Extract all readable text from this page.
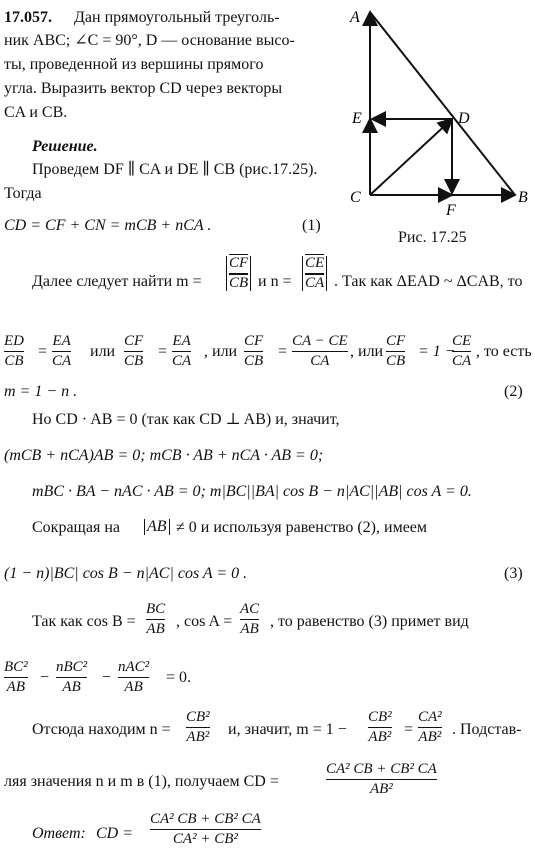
17.057. Дан прямоугольный треуголь-
ник ABC; ∠C = 90°, D — основание высо-
ты, проведенной из вершины прямого
угла. Выразить вектор CD через векторы
CA и CB.
Решение.
Проведем DF ∥ CA и DE ∥ CB (рис.17.25).
Тогда
CD = CF + CN = mCB + nCA .	(1)
A
E	D
C
F
B
Рис. 17.25
Далее следует найти $m = \frac{\overline{CF}}{CB}$ и $n = \frac{\overline{CE}}{CA}$ . Так как ΔEAD ~ ΔCAB, то
ED
CB
=
EA
CA
или
CF
CB
=
EA
CA
, или
CF
CB
=
CA − CE
CA
, или
CF
CB
= 1 −
CE
CA
, то есть
m = 1 − n .	(2)
Но CD · AB = 0 (так как CD ⊥ AB) и, значит,
(mCB + nCA)AB = 0; mCB · AB + nCA · AB = 0;
mBC · BA − nAC · AB = 0; m|BC||BA| cos B − n|AC||AB| cos A = 0.
Сокращая на AB ≠ 0 и используя равенство (2), имеем
(1 − n)|BC| cos B − n|AC| cos A = 0 .	(3)
Так как cos B =
BC
AB , cos A =
AC
AB , то равенство (3) примет вид
BC²
AB
−
nBC²
AB
−
nAC²
AB
= 0.
Отсюда находим n =
CB²
AB² и, значит, m = 1 −
CB²
AB² =
CA²
AB² . Подстав-
ляя значения n и m в (1), получаем CD =
CA² CB + CB² CA
AB²
Ответ: CD =
CA² CB + CB² CA
CA² + CB²
